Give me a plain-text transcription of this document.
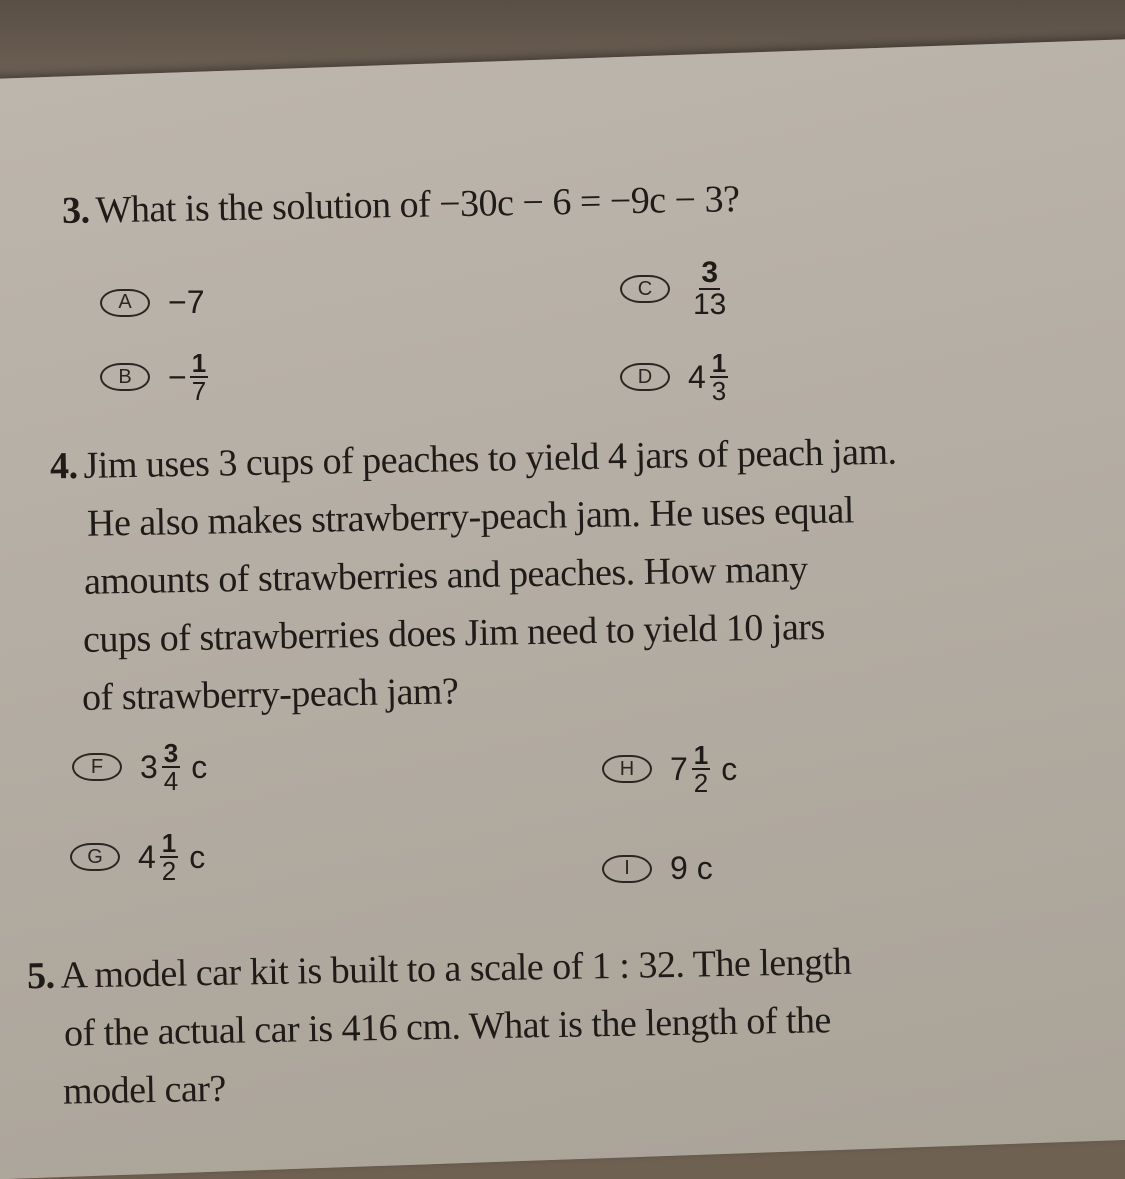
3. What is the solution of −30c − 6 = −9c − 3?
A	−7
B	− $\frac{1}{7}$
C	$\frac{3}{13}$
D	$4 \frac{1}{3}$
4. Jim uses 3 cups of peaches to yield 4 jars of peach jam.
He also makes strawberry-peach jam. He uses equal
amounts of strawberries and peaches. How many
cups of strawberries does Jim need to yield 10 jars
of strawberry-peach jam?
F	$3 \frac{3}{4}$ c
G	$4 \frac{1}{2}$ c
H	$7 \frac{1}{2}$ c
I	9 c
5. A model car kit is built to a scale of 1 : 32. The length
of the actual car is 416 cm. What is the length of the
model car?
